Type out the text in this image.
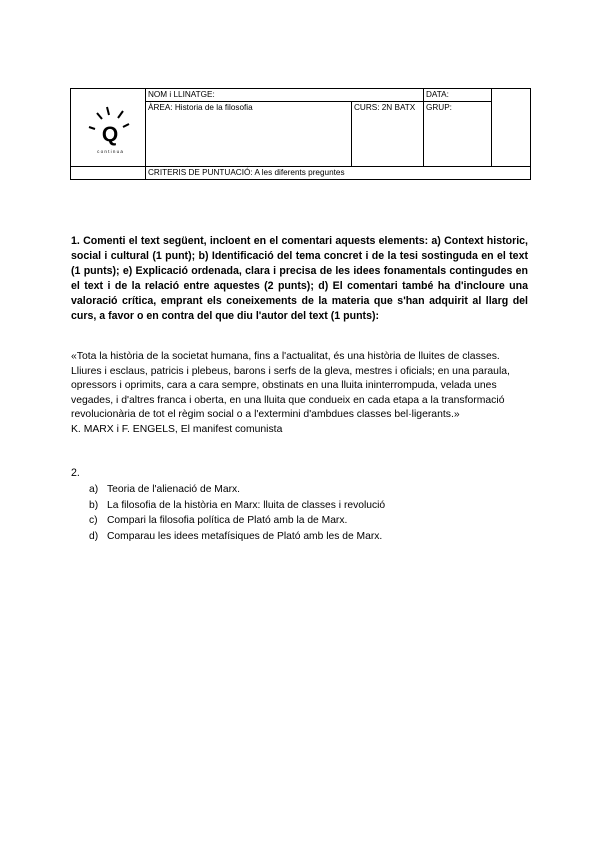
Q
c o n t i n u a	NOM i LLINATGE:		DATA:	
	ÀREA: Historia de la filosofia	CURS: 2N BATX	GRUP:	
	CRITERIS DE PUNTUACIÓ: A les diferents preguntes			
1. Comenti el text següent, incloent en el comentari aquests elements: a) Context historic, social i cultural (1 punt); b) Identificació del tema concret i de la tesi sostinguda en el text (1 punts); e) Explicació ordenada, clara i precisa de les idees fonamentals contingudes en el text i de la relació entre aquestes (2 punts); d) El comentari també ha d'incloure una valoració crítica, emprant els coneixements de la materia que s'han adquirit al llarg del curs, a favor o en contra del que diu l'autor del text (1 punts):

«Tota la història de la societat humana, fins a l'actualitat, és una història de lluites de classes. Lliures i esclaus, patricis i plebeus, barons i serfs de la gleva, mestres i oficials; en una paraula, opressors i oprimits, cara a cara sempre, obstinats en una lluita ininterrompuda, velada unes vegades, i d'altres franca i oberta, en una lluita que condueix en cada etapa a la transformació revolucionària de tot el règim social o a l'extermini d'ambdues classes bel·ligerants.»

K. MARX i F. ENGELS, El manifest comunista

2.
a) Teoria de l'alienació de Marx.
b) La filosofia de la història en Marx: lluita de classes i revolució
c) Compari la filosofia política de Plató amb la de Marx.
d) Comparau les idees metafísiques de Plató amb les de Marx.
